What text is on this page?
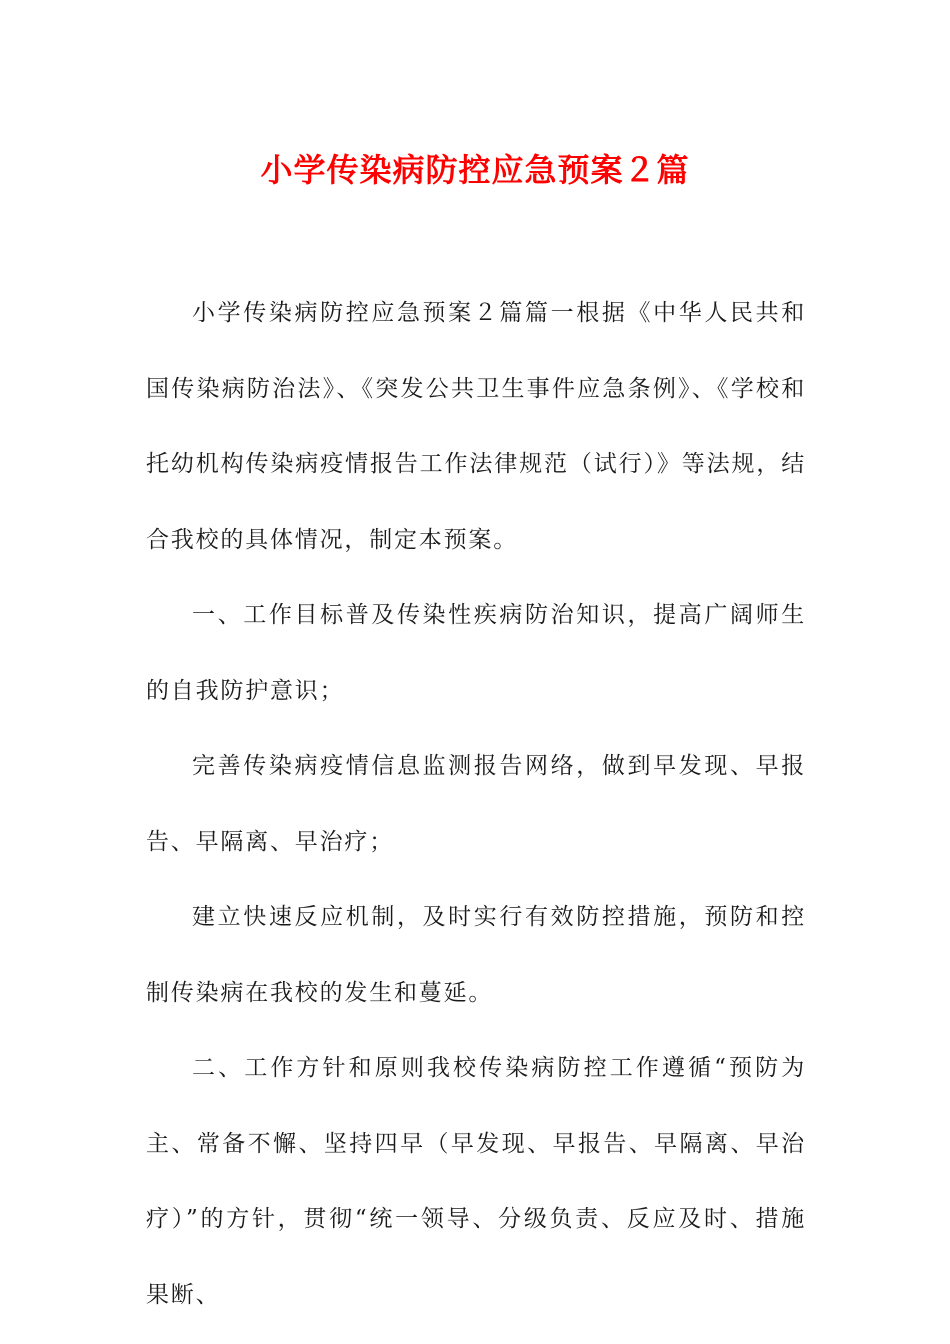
小学传染病防控应急预案２篇

小学传染病防控应急预案２篇篇一根据《中华人民共和国传染病防治法》、《突发公共卫生事件应急条例》、《学校和托幼机构传染病疫情报告工作法律规范（试行）》等法规，结合我校的具体情况，制定本预案。

一、工作目标普及传染性疾病防治知识，提高广阔师生的自我防护意识；

完善传染病疫情信息监测报告网络，做到早发现、早报告、早隔离、早治疗；

建立快速反应机制，及时实行有效防控措施，预防和控制传染病在我校的发生和蔓延。

二、工作方针和原则我校传染病防控工作遵循“预防为主、常备不懈、坚持四早（早发现、早报告、早隔离、早治疗）”的方针，贯彻“统一领导、分级负责、反应及时、措施果断、
